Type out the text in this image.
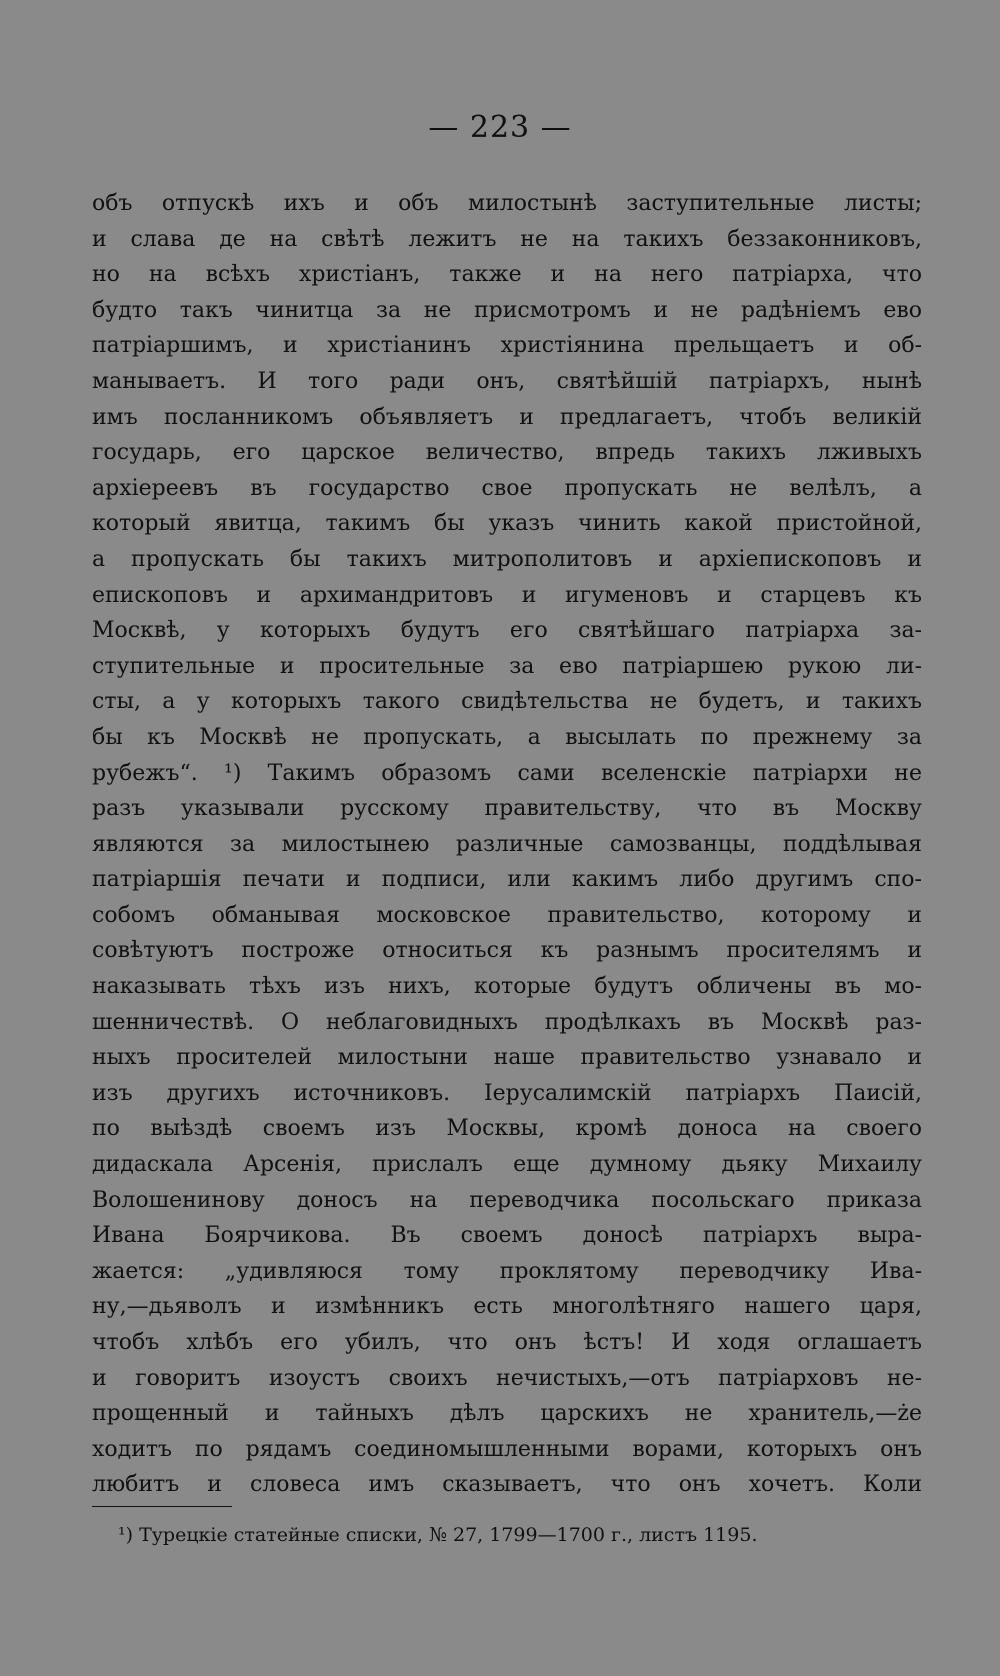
— 223 —
объ отпускѣ ихъ и объ милостынѣ заступительные листы;
и слава де на свѣтѣ лежитъ не на такихъ беззаконниковъ,
но на всѣхъ христіанъ, также и на него патріарха, что
будто такъ чинитца за не присмотромъ и не радѣніемъ ево
патріаршимъ, и христіанинъ христіянина прельщаетъ и об-
манываетъ. И того ради онъ, святѣйшій патріархъ, нынѣ
имъ посланникомъ объявляетъ и предлагаетъ, чтобъ великій
государь, его царское величество, впредь такихъ лживыхъ
архіереевъ въ государство свое пропускать не велѣлъ, а
который явитца, такимъ бы указъ чинить какой пристойной,
а пропускать бы такихъ митрополитовъ и архіепископовъ и
епископовъ и архимандритовъ и игуменовъ и старцевъ къ
Москвѣ, у которыхъ будутъ его святѣйшаго патріарха за-
ступительные и просительные за ево патріаршею рукою ли-
сты, а у которыхъ такого свидѣтельства не будетъ, и такихъ
бы къ Москвѣ не пропускать, а высылать по прежнему за
рубежъ“. ¹) Такимъ образомъ сами вселенскіе патріархи не
разъ указывали русскому правительству, что въ Москву
являются за милостынею различные самозванцы, поддѣлывая
патріаршія печати и подписи, или какимъ либо другимъ спо-
собомъ обманывая московское правительство, которому и
совѣтуютъ построже относиться къ разнымъ просителямъ и
наказывать тѣхъ изъ нихъ, которые будутъ обличены въ мо-
шенничествѣ. О неблаговидныхъ продѣлкахъ въ Москвѣ раз-
ныхъ просителей милостыни наше правительство узнавало и
изъ другихъ источниковъ. Іерусалимскій патріархъ Паисій,
по выѣздѣ своемъ изъ Москвы, кромѣ доноса на своего
дидаскала Арсенія, прислалъ еще думному дьяку Михаилу
Волошенинову доносъ на переводчика посольскаго приказа
Ивана Боярчикова. Въ своемъ доносѣ патріархъ выра-
жается: „удивляюся тому проклятому переводчику Ива-
ну,—дьяволъ и измѣнникъ есть многолѣтняго нашего царя,
чтобъ хлѣбъ его убилъ, что онъ ѣстъ! И ходя оглашаетъ
и говоритъ изоустъ своихъ нечистыхъ,—отъ патріарховъ не-
прощенный и тайныхъ дѣлъ царскихъ не хранитель,—że
ходитъ по рядамъ соединомышленными ворами, которыхъ онъ
любитъ и словеса имъ сказываетъ, что онъ хочетъ. Коли
¹) Турецкіе статейные списки, № 27, 1799—1700 г., листъ 1195.
